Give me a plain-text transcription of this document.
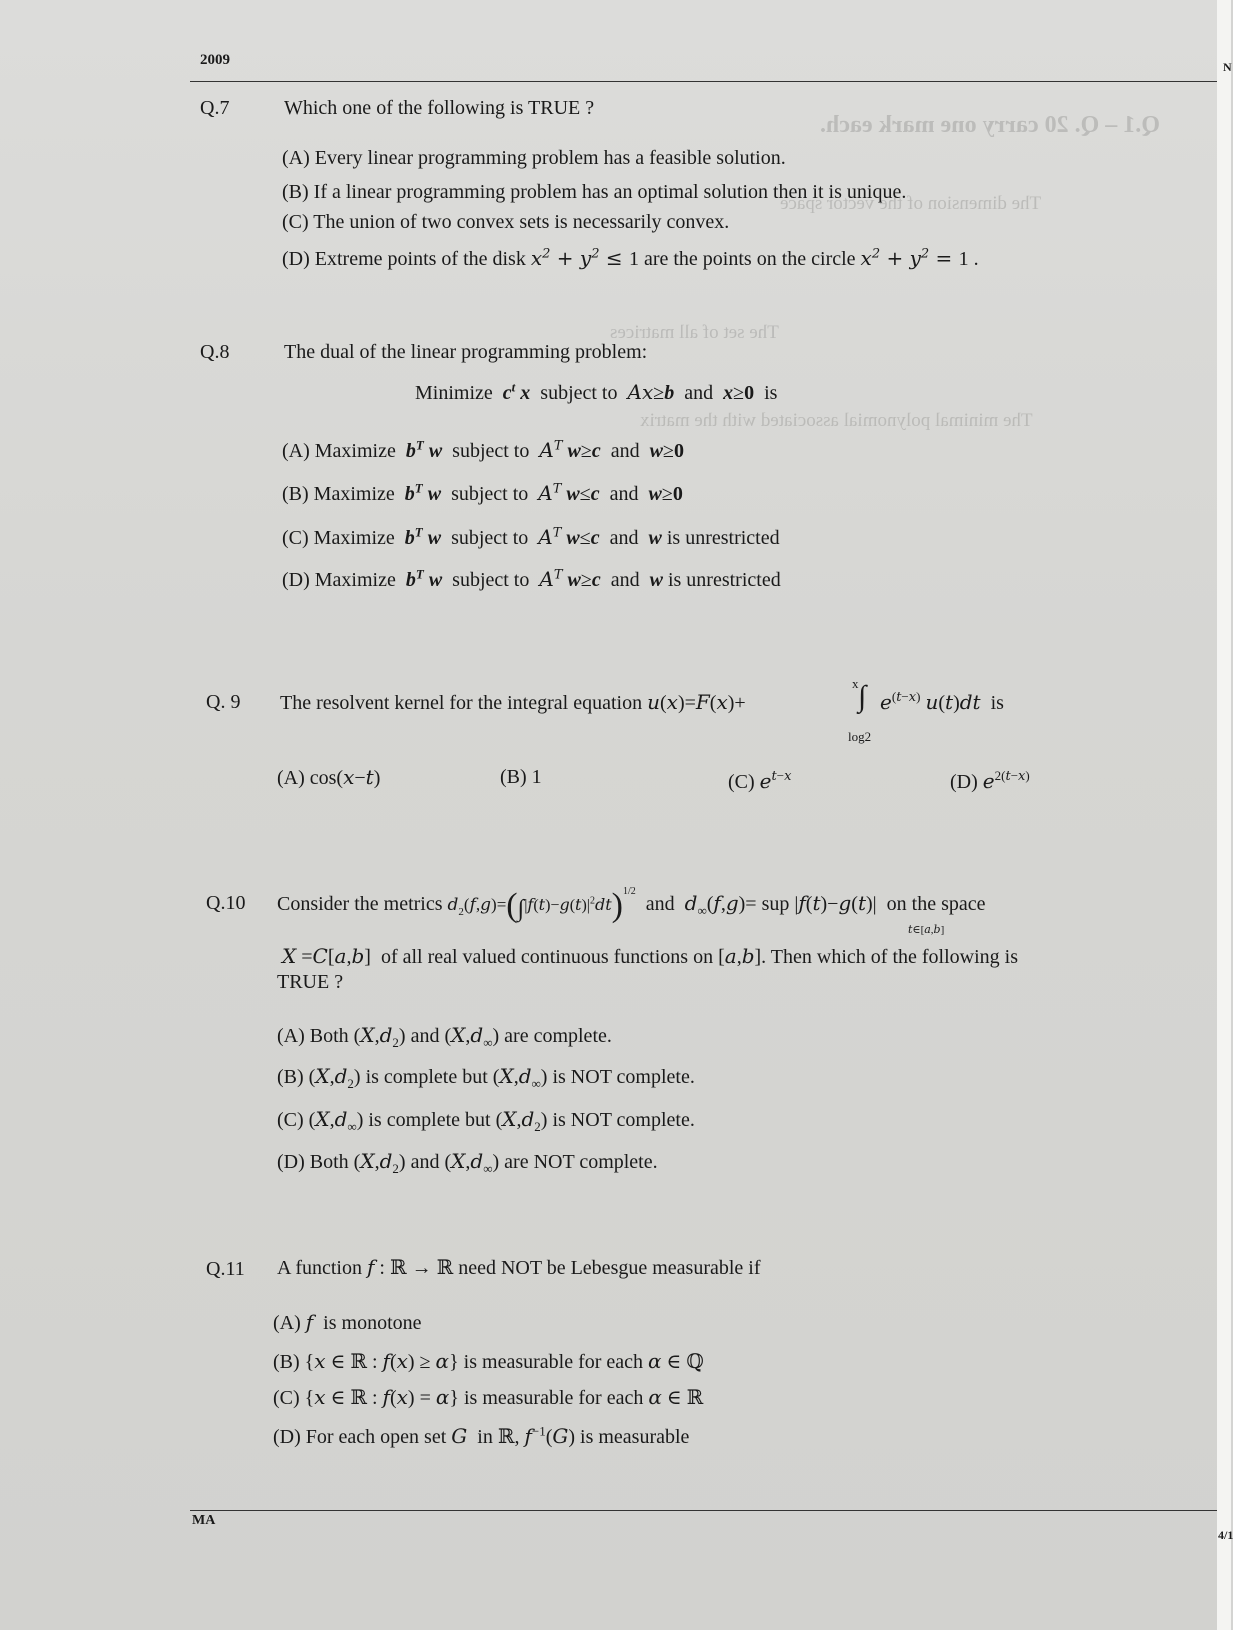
Q.1 – Q. 20 carry one mark each.
The dimension of the vector space
The set of all matrices
The minimal polynomial associated with the matrix
2009	N
Q.7	Which one of the following is TRUE ?
(A) Every linear programming problem has a feasible solution.
(B) If a linear programming problem has an optimal solution then it is unique.
(C) The union of two convex sets is necessarily convex.
(D) Extreme points of the disk $x^2 + y^2 \le 1$ are the points on the circle $x^2 + y^2 = 1$ .
Q.8	The dual of the linear programming problem:
Minimize $c^t$ x subject to Ax≥b and x≥0 is
(A) Maximize $b^T$ w subject to $A^T$ w≥c and w≥0
(B) Maximize $b^T$ w subject to $A^T$ w≤c and w≥0
(C) Maximize $b^T$ w subject to $A^T$ w≤c and w is unrestricted
(D) Maximize $b^T$ w subject to $A^T$ w≥c and w is unrestricted
Q. 9 The resolvent kernel for the integral equation u(x)=F(x)+
x ∫
log2
$e^{(t-x)}$ u(t)dt is
(A) cos(x−t)	(B) 1	(C) $e^{t-x}$	(D) $e^{2(t-x)}$
Q.10 Consider the metrics $d_2(f,g)=(\int|f(t)-g(t)|^2dt)^{1/2}$  and $d_\infty(f,g)=$ sup |f(t)−g(t)|  on the space
t∈[a,b]
X =C[a,b]  of all real valued continuous functions on [a,b]. Then which of the following is
TRUE ?
(A) Both $(X,d_2)$ and $(X,d_\infty)$ are complete.
(B) $(X,d_2)$ is complete but $(X,d_\infty)$ is NOT complete.
(C) $(X,d_\infty)$ is complete but $(X,d_2)$ is NOT complete.
(D) Both $(X,d_2)$ and $(X,d_\infty)$ are NOT complete.
Q.11 A function f : ℝ → ℝ need NOT be Lebesgue measurable if
(A) f is monotone
(B) {x ∈ ℝ : f(x) ≥ α} is measurable for each α ∈ ℚ
(C) {x ∈ ℝ : f(x) = α} is measurable for each α ∈ ℝ
(D) For each open set G in ℝ, $f^{-1}(G)$ is measurable
MA
4/1
